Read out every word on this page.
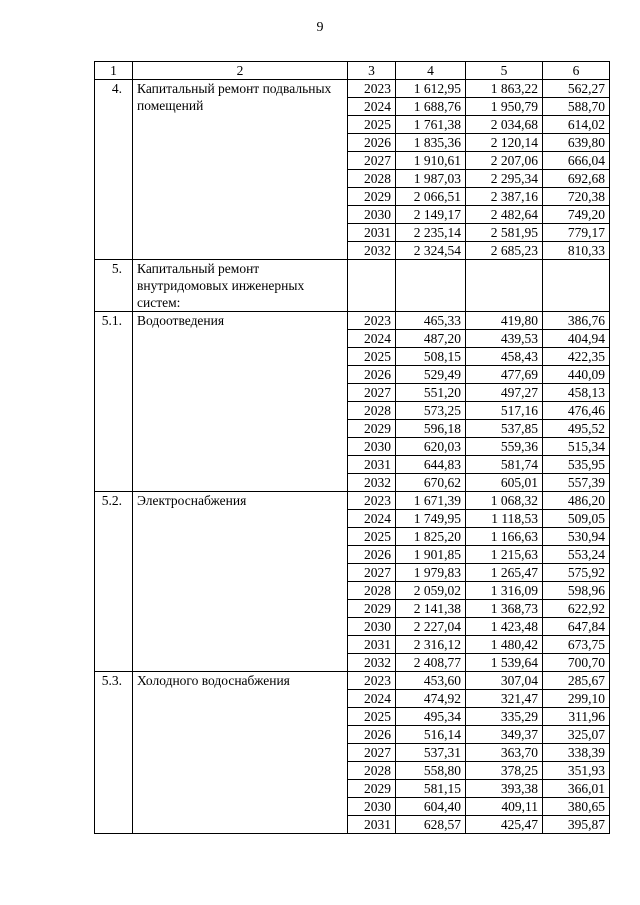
9
1	2	3	4	5	6
4.	Капитальный ремонт подвальных помещений	2023	1 612,95	1 863,22	562,27
		2024	1 688,76	1 950,79	588,70
		2025	1 761,38	2 034,68	614,02
		2026	1 835,36	2 120,14	639,80
		2027	1 910,61	2 207,06	666,04
		2028	1 987,03	2 295,34	692,68
		2029	2 066,51	2 387,16	720,38
		2030	2 149,17	2 482,64	749,20
		2031	2 235,14	2 581,95	779,17
		2032	2 324,54	2 685,23	810,33
5.	Капитальный ремонт внутридомовых инженерных систем:				
5.1.	Водоотведения	2023	465,33	419,80	386,76
		2024	487,20	439,53	404,94
		2025	508,15	458,43	422,35
		2026	529,49	477,69	440,09
		2027	551,20	497,27	458,13
		2028	573,25	517,16	476,46
		2029	596,18	537,85	495,52
		2030	620,03	559,36	515,34
		2031	644,83	581,74	535,95
		2032	670,62	605,01	557,39
5.2.	Электроснабжения	2023	1 671,39	1 068,32	486,20
		2024	1 749,95	1 118,53	509,05
		2025	1 825,20	1 166,63	530,94
		2026	1 901,85	1 215,63	553,24
		2027	1 979,83	1 265,47	575,92
		2028	2 059,02	1 316,09	598,96
		2029	2 141,38	1 368,73	622,92
		2030	2 227,04	1 423,48	647,84
		2031	2 316,12	1 480,42	673,75
		2032	2 408,77	1 539,64	700,70
5.3.	Холодного водоснабжения	2023	453,60	307,04	285,67
		2024	474,92	321,47	299,10
		2025	495,34	335,29	311,96
		2026	516,14	349,37	325,07
		2027	537,31	363,70	338,39
		2028	558,80	378,25	351,93
		2029	581,15	393,38	366,01
		2030	604,40	409,11	380,65
		2031	628,57	425,47	395,87
